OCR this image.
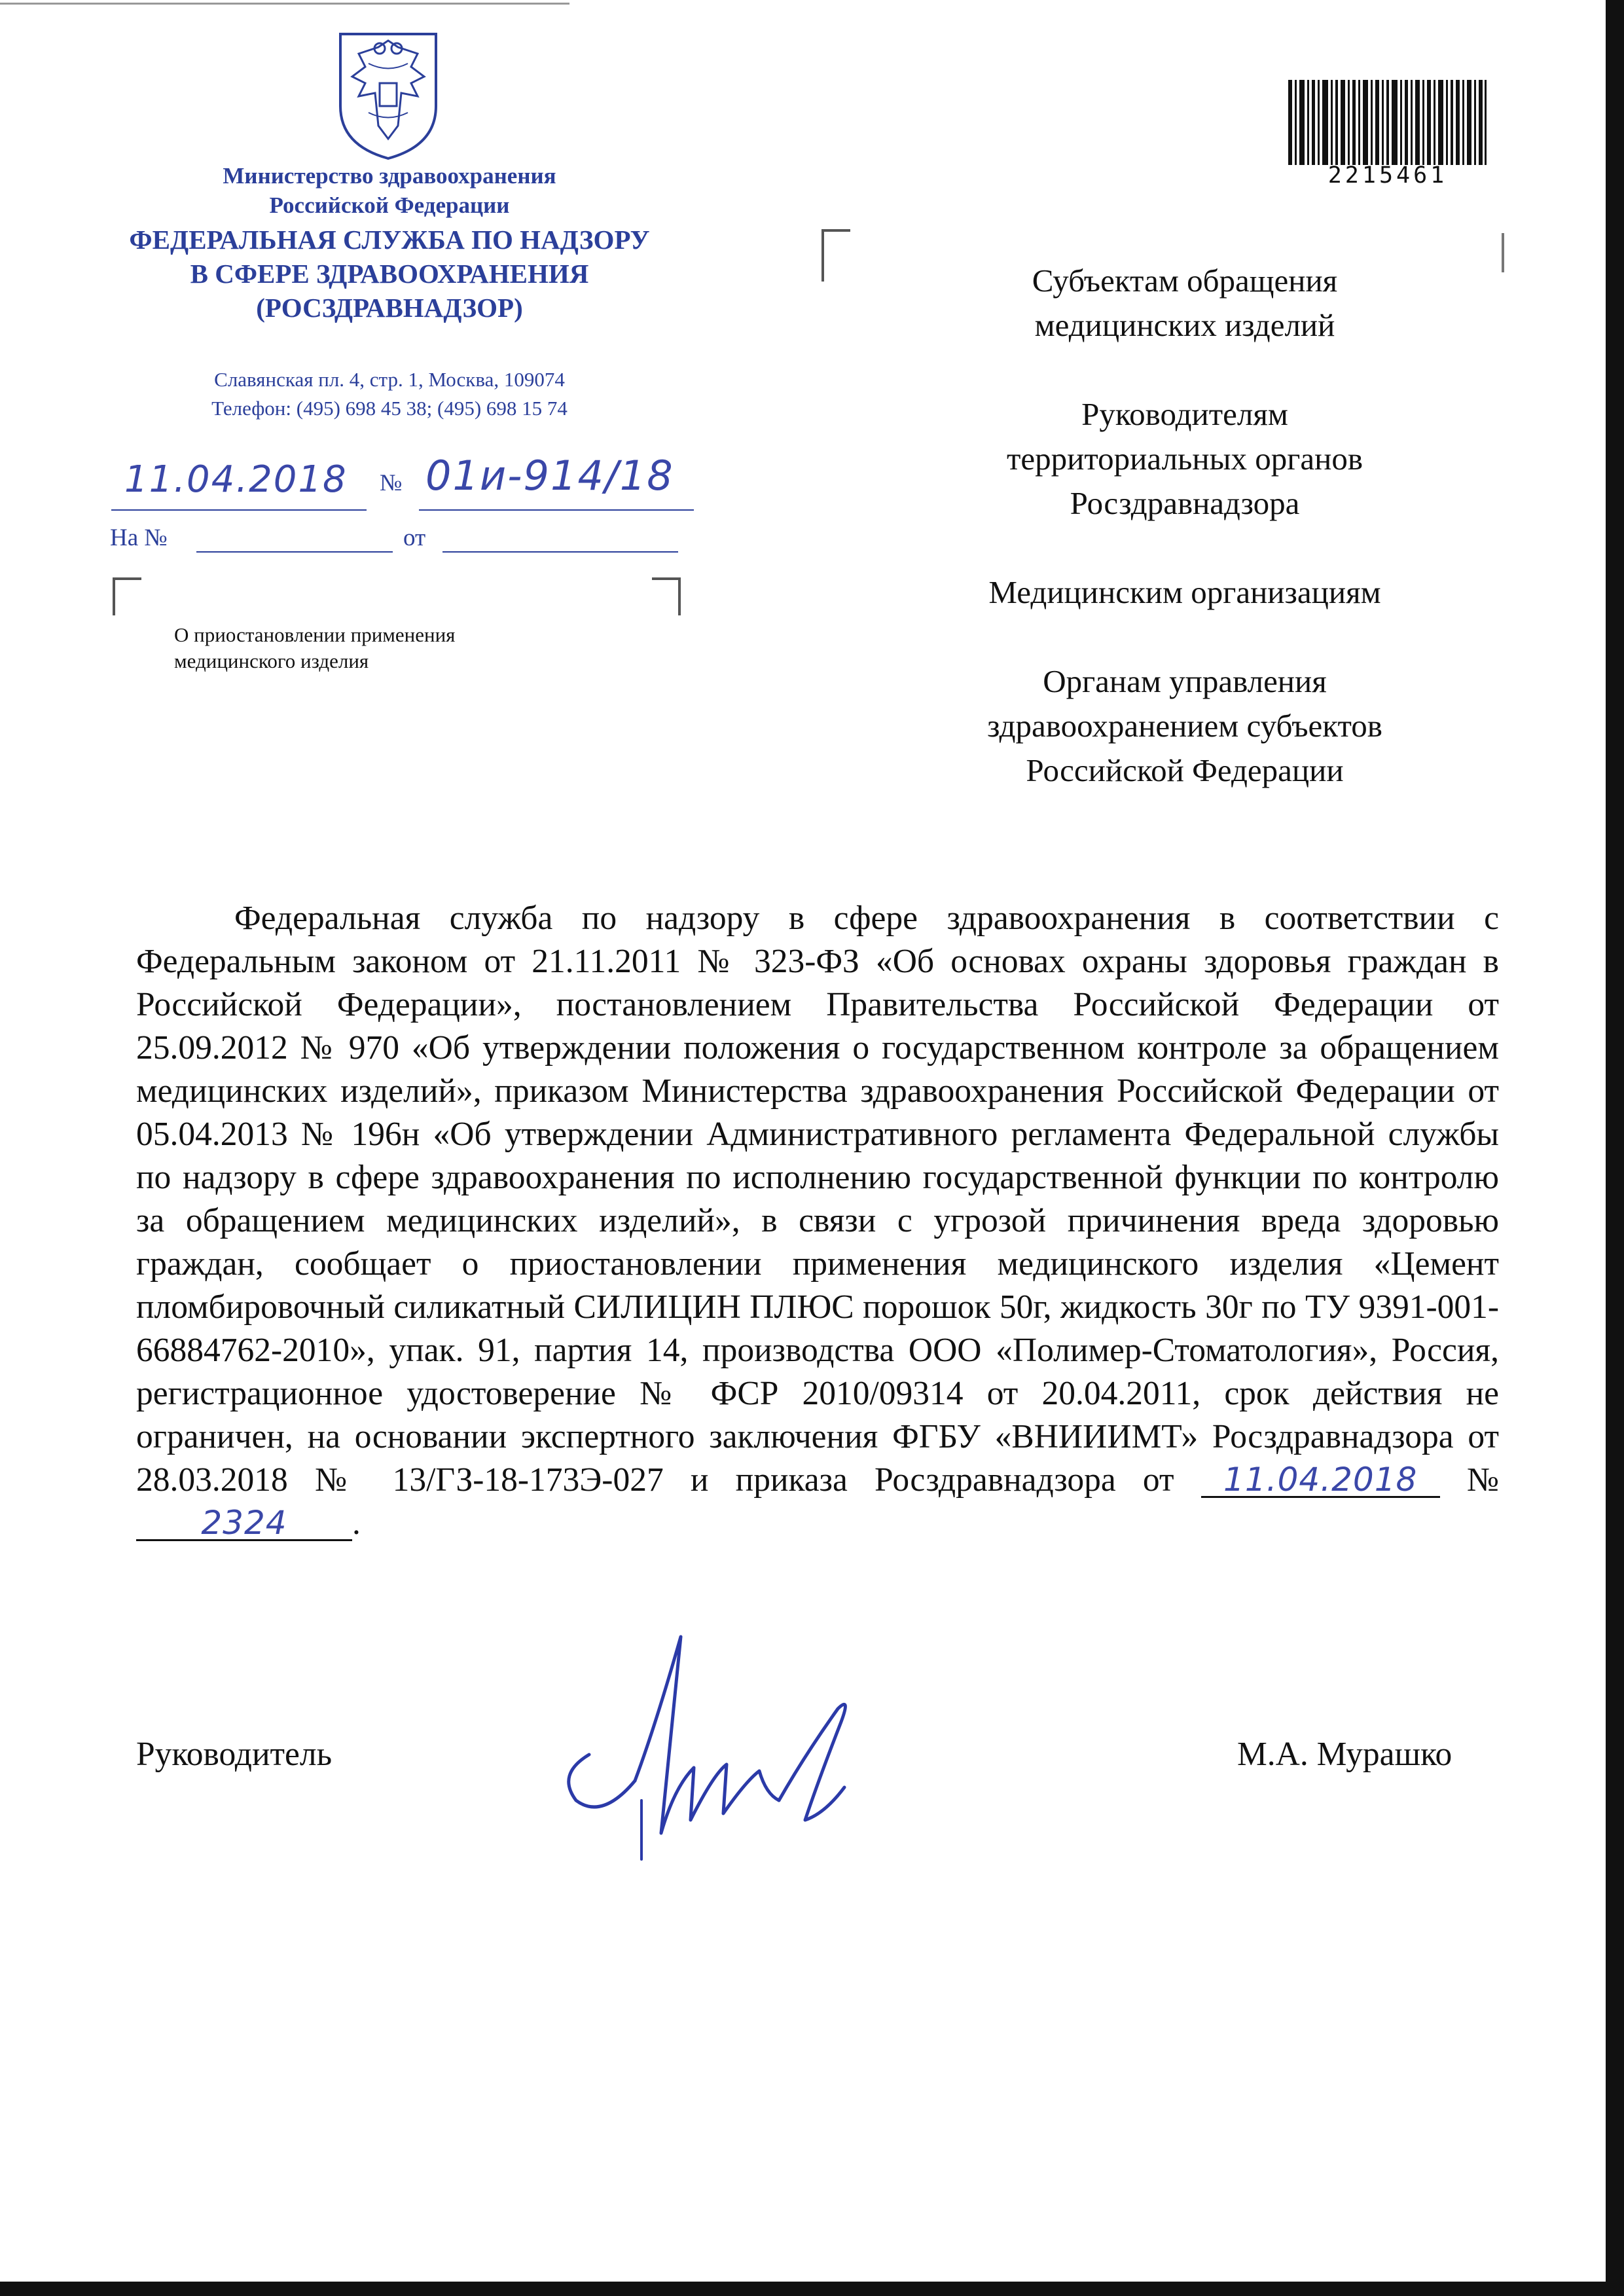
Министерство здравоохранения
Российской Федерации
ФЕДЕРАЛЬНАЯ СЛУЖБА ПО НАДЗОРУ
В СФЕРЕ ЗДРАВООХРАНЕНИЯ
(РОСЗДРАВНАДЗОР)
Славянская пл. 4, стр. 1, Москва, 109074
Телефон: (495) 698 45 38; (495) 698 15 74
11.04.2018 № 01и-914/18
На №	от
О приостановлении применения
медицинского изделия
2215461
Субъектам обращения
медицинских изделий
Руководителям
территориальных органов
Росздравнадзора
Медицинским организациям
Органам управления
здравоохранением субъектов
Российской Федерации
Федеральная служба по надзору в сфере здравоохранения в соответствии с Федеральным законом от 21.11.2011 № 323-ФЗ «Об основах охраны здоровья граждан в Российской Федерации», постановлением Правительства Российской Федерации от 25.09.2012 № 970 «Об утверждении положения о государственном контроле за обращением медицинских изделий», приказом Министерства здравоохранения Российской Федерации от 05.04.2013 № 196н «Об утверждении Административного регламента Федеральной службы по надзору в сфере здравоохранения по исполнению государственной функции по контролю за обращением медицинских изделий», в связи с угрозой причинения вреда здоровью граждан, сообщает о приостановлении применения медицинского изделия «Цемент пломбировочный силикатный СИЛИЦИН ПЛЮС порошок 50г, жидкость 30г по ТУ 9391-001-66884762-2010», упак. 91, партия 14, производства ООО «Полимер-Стоматология», Россия, регистрационное удостоверение № ФСР 2010/09314 от 20.04.2011, срок действия не ограничен, на основании экспертного заключения ФГБУ «ВНИИИМТ» Росздравнадзора от 28.03.2018 № 13/ГЗ-18-173Э-027 и приказа Росздравнадзора от 11.04.2018 № 2324 .
Руководитель	М.А. Мурашко
